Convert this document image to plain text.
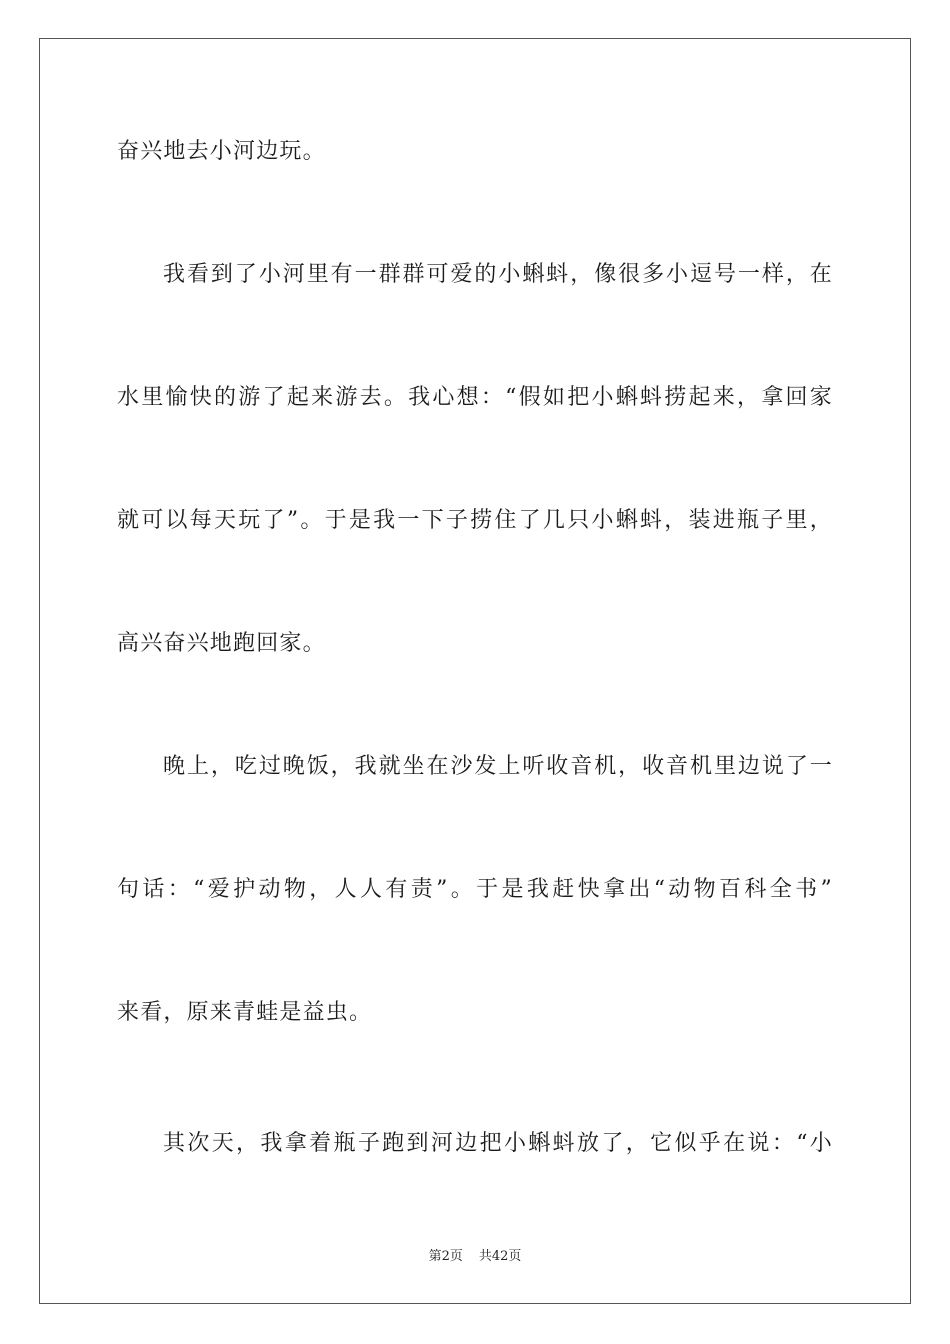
奋兴地去小河边玩。

我看到了小河里有一群群可爱的小蝌蚪，像很多小逗号一样，在

水里愉快的游了起来游去。我心想：“假如把小蝌蚪捞起来，拿回家

就可以每天玩了”。于是我一下子捞住了几只小蝌蚪，装进瓶子里，

高兴奋兴地跑回家。

晚上，吃过晚饭，我就坐在沙发上听收音机，收音机里边说了一

句话：“爱护动物，人人有责”。于是我赶快拿出“动物百科全书”

来看，原来青蛙是益虫。

其次天，我拿着瓶子跑到河边把小蝌蚪放了，它似乎在说：“小

第2页 共42页
